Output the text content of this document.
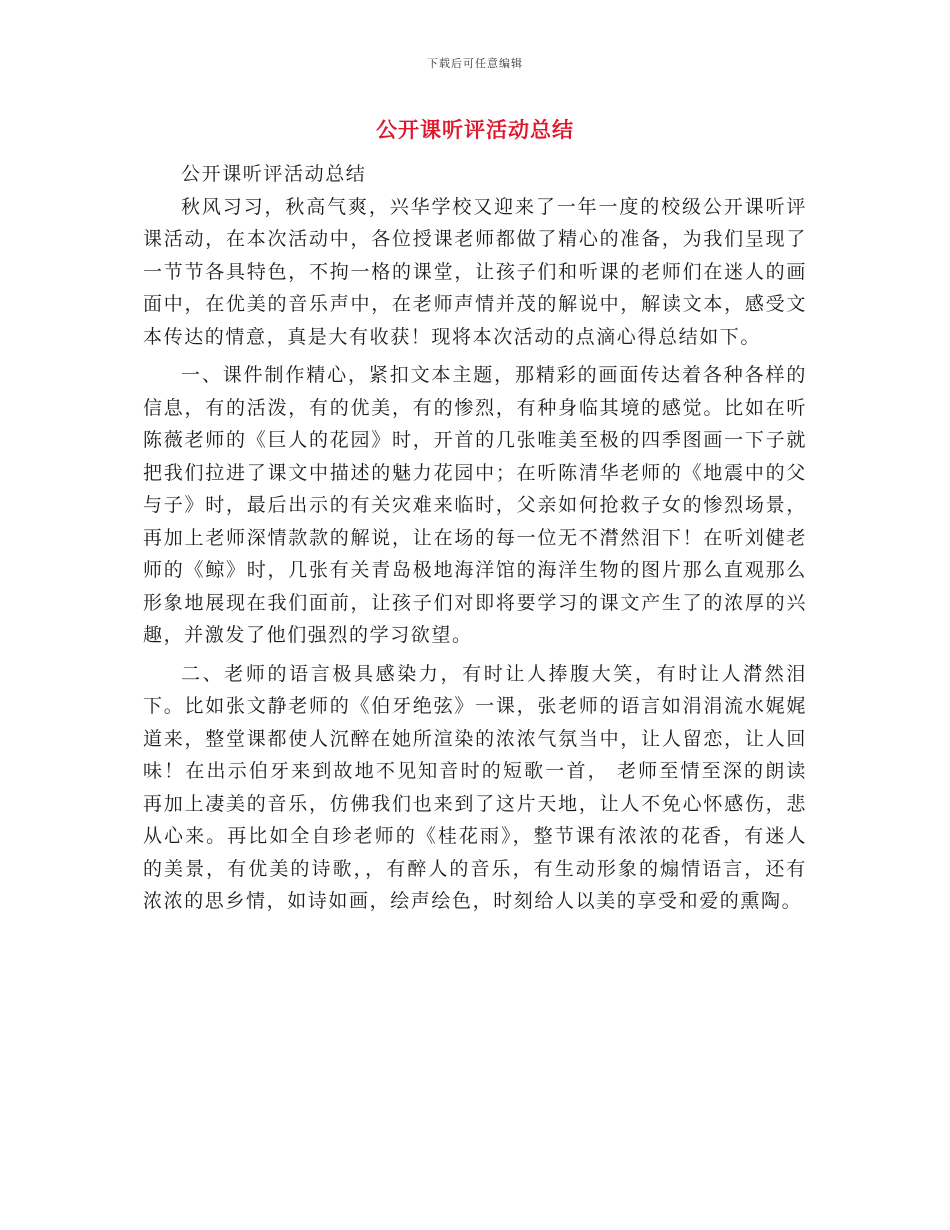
下载后可任意编辑
公开课听评活动总结

公开课听评活动总结

秋风习习，秋高气爽，兴华学校又迎来了一年一度的校级公开课听评课活动，在本次活动中，各位授课老师都做了精心的准备，为我们呈现了一节节各具特色，不拘一格的课堂，让孩子们和听课的老师们在迷人的画面中，在优美的音乐声中，在老师声情并茂的解说中，解读文本，感受文本传达的情意，真是大有收获！现将本次活动的点滴心得总结如下。

一、课件制作精心，紧扣文本主题，那精彩的画面传达着各种各样的信息，有的活泼，有的优美，有的惨烈，有种身临其境的感觉。比如在听陈薇老师的《巨人的花园》时，开首的几张唯美至极的四季图画一下子就把我们拉进了课文中描述的魅力花园中；在听陈清华老师的《地震中的父与子》时，最后出示的有关灾难来临时，父亲如何抢救子女的惨烈场景，再加上老师深情款款的解说，让在场的每一位无不潸然泪下！在听刘健老师的《鲸》时，几张有关青岛极地海洋馆的海洋生物的图片那么直观那么形象地展现在我们面前，让孩子们对即将要学习的课文产生了的浓厚的兴趣，并激发了他们强烈的学习欲望。

二、老师的语言极具感染力，有时让人捧腹大笑，有时让人潸然泪下。比如张文静老师的《伯牙绝弦》一课，张老师的语言如涓涓流水娓娓道来，整堂课都使人沉醉在她所渲染的浓浓气氛当中，让人留恋，让人回味！在出示伯牙来到故地不见知音时的短歌一首， 老师至情至深的朗读再加上凄美的音乐，仿佛我们也来到了这片天地，让人不免心怀感伤，悲从心来。再比如全自珍老师的《桂花雨》，整节课有浓浓的花香，有迷人的美景，有优美的诗歌，，有醉人的音乐，有生动形象的煽情语言，还有浓浓的思乡情，如诗如画，绘声绘色，时刻给人以美的享受和爱的熏陶。
